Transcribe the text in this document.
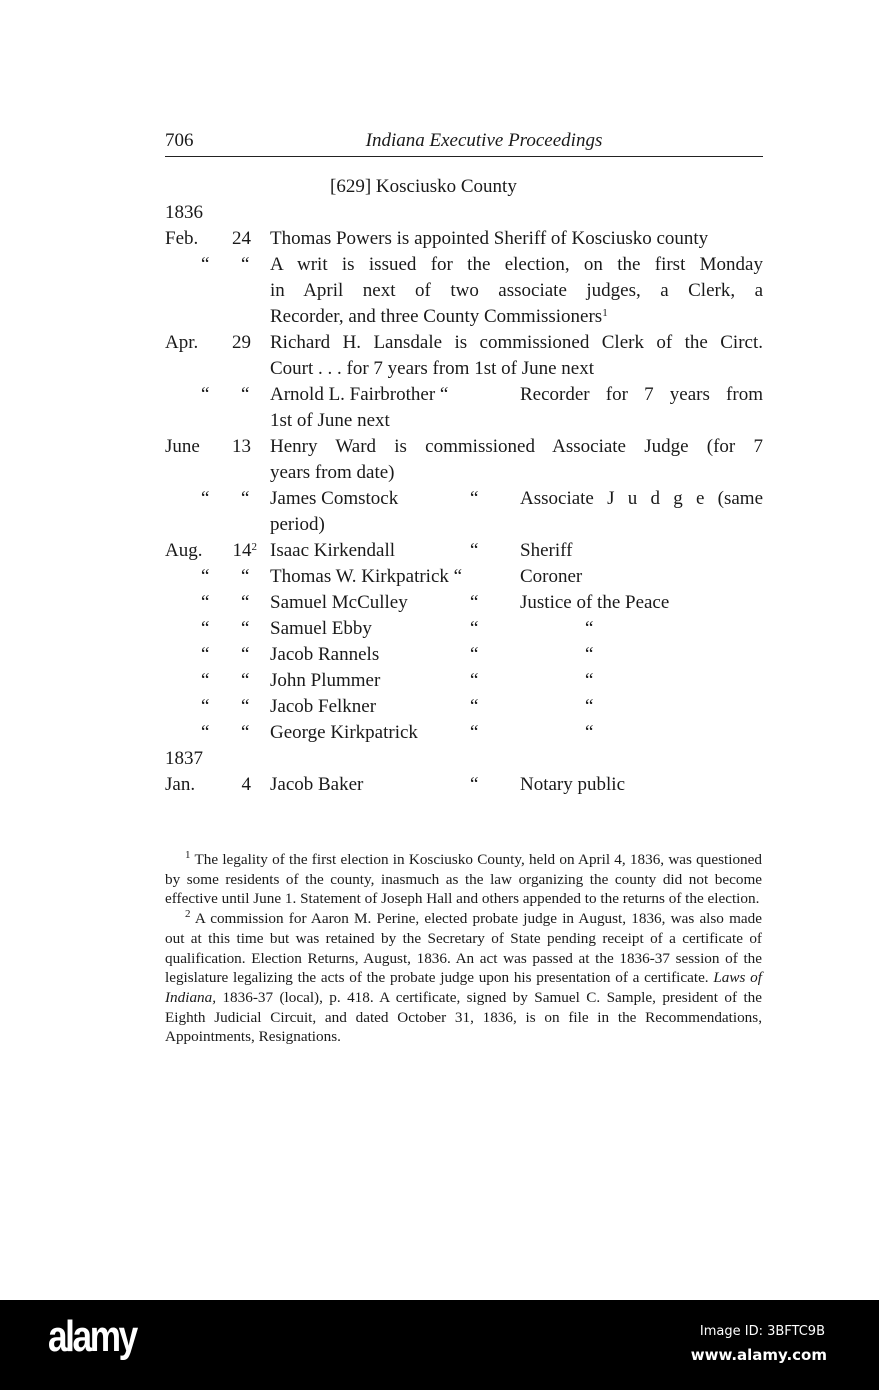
706	Indiana Executive Proceedings
[629] Kosciusko County
1836
Feb.	24 Thomas Powers is appointed Sheriff of Kosciusko county
“ “ A writ is issued for the election, on the first Monday
in April next of two associate judges, a Clerk, a
Recorder, and three County Commissioners$^1$
Apr.	29 Richard H. Lansdale is commissioned Clerk of the Circt.
Court . . . for 7 years from 1st of June next
“ “ Arnold L. Fairbrother “	Recorder for 7 years from
1st of June next
June	13 Henry Ward is commissioned Associate Judge (for 7
years from date)
“ “ James Comstock	“ Associate J u d g e (same
period)
Aug.	$14^2$ Isaac Kirkendall	“ Sheriff
“ “ Thomas W. Kirkpatrick “	Coroner
“ “ Samuel McCulley	“ Justice of the Peace
“ “ Samuel Ebby	“	“
“ “ Jacob Rannels	“	“
“ “ John Plummer	“	“
“ “ Jacob Felkner	“	“
“ “ George Kirkpatrick	“	“
1837
Jan.	4 Jacob Baker	“ Notary public

$^1$ The legality of the first election in Kosciusko County, held on April 4, 1836, was questioned by some residents of the county, inasmuch as the law organizing the county did not become effective until June 1. Statement of Joseph Hall and others appended to the returns of the election.

$^2$ A commission for Aaron M. Perine, elected probate judge in August, 1836, was also made out at this time but was retained by the Secretary of State pending receipt of a certificate of qualification. Election Returns, August, 1836. An act was passed at the 1836-37 session of the legislature legalizing the acts of the probate judge upon his presentation of a certificate. Laws of Indiana, 1836-37 (local), p. 418. A certificate, signed by Samuel C. Sample, president of the Eighth Judicial Circuit, and dated October 31, 1836, is on file in the Recommendations, Appointments, Resignations.

alamy	Image ID: 3BFTC9B
www.alamy.com
